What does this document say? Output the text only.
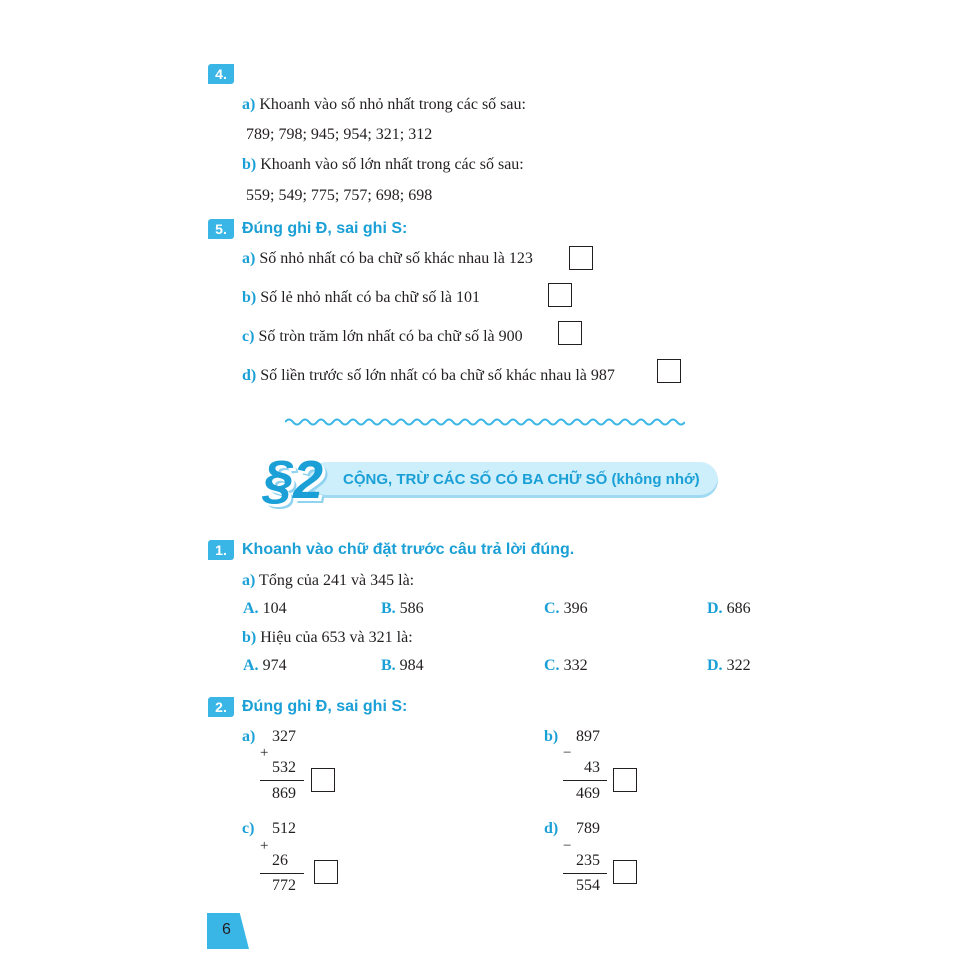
4.
a) Khoanh vào số nhỏ nhất trong các số sau:
789; 798; 945; 954; 321; 312
b) Khoanh vào số lớn nhất trong các số sau:
559; 549; 775; 757; 698; 698
5. Đúng ghi Đ, sai ghi S:
a) Số nhỏ nhất có ba chữ số khác nhau là 123
b) Số lẻ nhỏ nhất có ba chữ số là 101
c) Số tròn trăm lớn nhất có ba chữ số là 900
d) Số liền trước số lớn nhất có ba chữ số khác nhau là 987
§2 CỘNG, TRỪ CÁC SỐ CÓ BA CHỮ SỐ (không nhớ)
1. Khoanh vào chữ đặt trước câu trả lời đúng.
a) Tổng của 241 và 345 là:
A. 104	B. 586	C. 396	D. 686
b) Hiệu của 653 và 321 là:
A. 974	B. 984	C. 332	D. 322
2. Đúng ghi Đ, sai ghi S:
a) 327
+
532
869
b) 897
−
43
469
c) 512
+
26
772
d) 789
−
235
554
6
